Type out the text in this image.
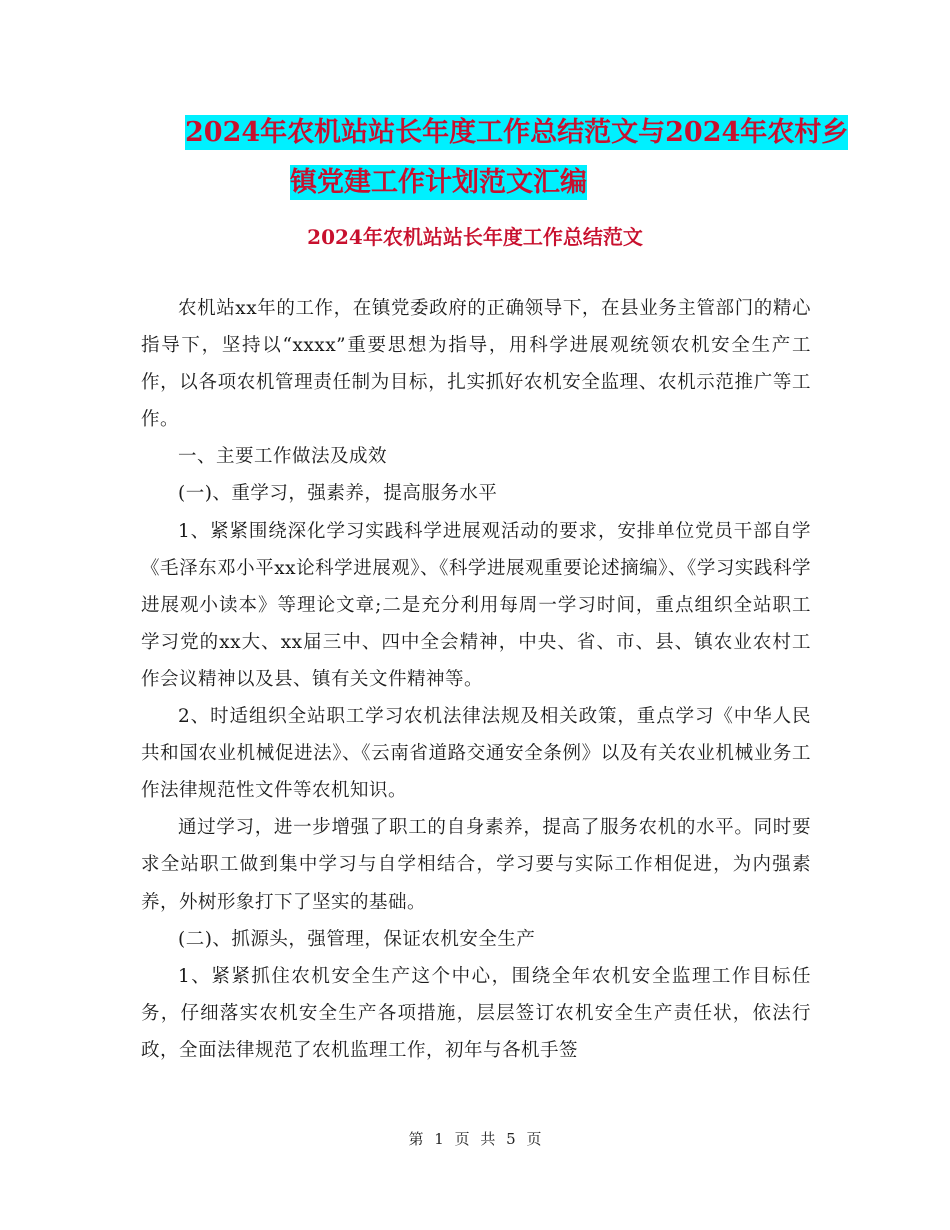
2024年农机站站长年度工作总结范文与2024年农村乡
镇党建工作计划范文汇编
2024年农机站站长年度工作总结范文

农机站xx年的工作，在镇党委政府的正确领导下，在县业务主管部门的精心指导下，坚持以“xxxx”重要思想为指导，用科学进展观统领农机安全生产工作，以各项农机管理责任制为目标，扎实抓好农机安全监理、农机示范推广等工作。

一、主要工作做法及成效

(一)、重学习，强素养，提高服务水平

1、紧紧围绕深化学习实践科学进展观活动的要求，安排单位党员干部自学《毛泽东邓小平xx论科学进展观》、《科学进展观重要论述摘编》、《学习实践科学进展观小读本》等理论文章;二是充分利用每周一学习时间，重点组织全站职工学习党的xx大、xx届三中、四中全会精神，中央、省、市、县、镇农业农村工作会议精神以及县、镇有关文件精神等。

2、时适组织全站职工学习农机法律法规及相关政策，重点学习《中华人民共和国农业机械促进法》、《云南省道路交通安全条例》以及有关农业机械业务工作法律规范性文件等农机知识。

通过学习，进一步增强了职工的自身素养，提高了服务农机的水平。同时要求全站职工做到集中学习与自学相结合，学习要与实际工作相促进，为内强素养，外树形象打下了坚实的基础。

(二)、抓源头，强管理，保证农机安全生产

1、紧紧抓住农机安全生产这个中心，围绕全年农机安全监理工作目标任务，仔细落实农机安全生产各项措施，层层签订农机安全生产责任状，依法行政，全面法律规范了农机监理工作，初年与各机手签

第 1 页 共 5 页
